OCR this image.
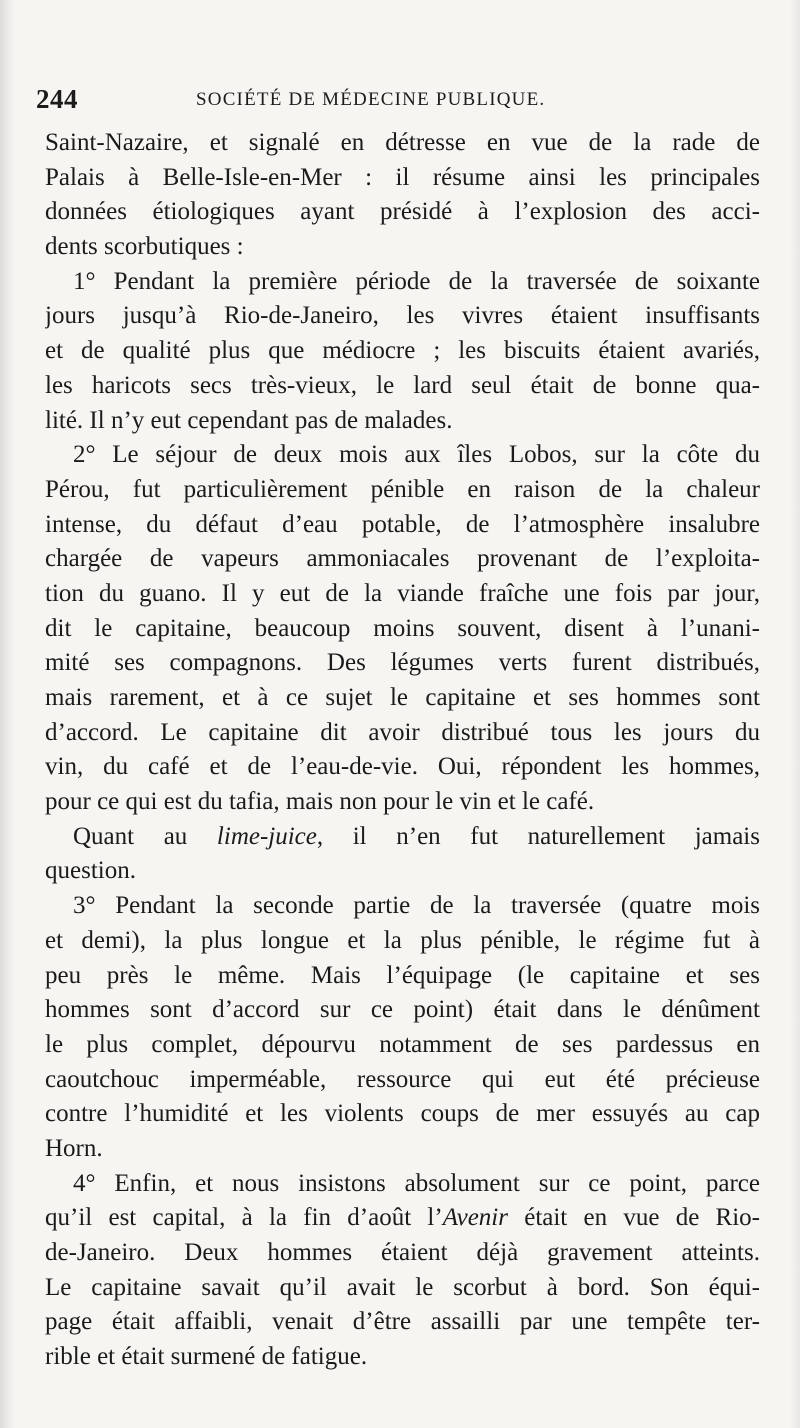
244	SOCIÉTÉ DE MÉDECINE PUBLIQUE.
Saint-Nazaire, et signalé en détresse en vue de la rade de
Palais à Belle-Isle-en-Mer : il résume ainsi les principales
données étiologiques ayant présidé à l’explosion des acci-
dents scorbutiques :
1° Pendant la première période de la traversée de soixante
jours jusqu’à Rio-de-Janeiro, les vivres étaient insuffisants
et de qualité plus que médiocre ; les biscuits étaient avariés,
les haricots secs très-vieux, le lard seul était de bonne qua-
lité. Il n’y eut cependant pas de malades.
2° Le séjour de deux mois aux îles Lobos, sur la côte du
Pérou, fut particulièrement pénible en raison de la chaleur
intense, du défaut d’eau potable, de l’atmosphère insalubre
chargée de vapeurs ammoniacales provenant de l’exploita-
tion du guano. Il y eut de la viande fraîche une fois par jour,
dit le capitaine, beaucoup moins souvent, disent à l’unani-
mité ses compagnons. Des légumes verts furent distribués,
mais rarement, et à ce sujet le capitaine et ses hommes sont
d’accord. Le capitaine dit avoir distribué tous les jours du
vin, du café et de l’eau-de-vie. Oui, répondent les hommes,
pour ce qui est du tafia, mais non pour le vin et le café.
Quant au lime-juice, il n’en fut naturellement jamais
question.
3° Pendant la seconde partie de la traversée (quatre mois
et demi), la plus longue et la plus pénible, le régime fut à
peu près le même. Mais l’équipage (le capitaine et ses
hommes sont d’accord sur ce point) était dans le dénûment
le plus complet, dépourvu notamment de ses pardessus en
caoutchouc imperméable, ressource qui eut été précieuse
contre l’humidité et les violents coups de mer essuyés au cap
Horn.
4° Enfin, et nous insistons absolument sur ce point, parce
qu’il est capital, à la fin d’août l’Avenir était en vue de Rio-
de-Janeiro. Deux hommes étaient déjà gravement atteints.
Le capitaine savait qu’il avait le scorbut à bord. Son équi-
page était affaibli, venait d’être assailli par une tempête ter-
rible et était surmené de fatigue.
